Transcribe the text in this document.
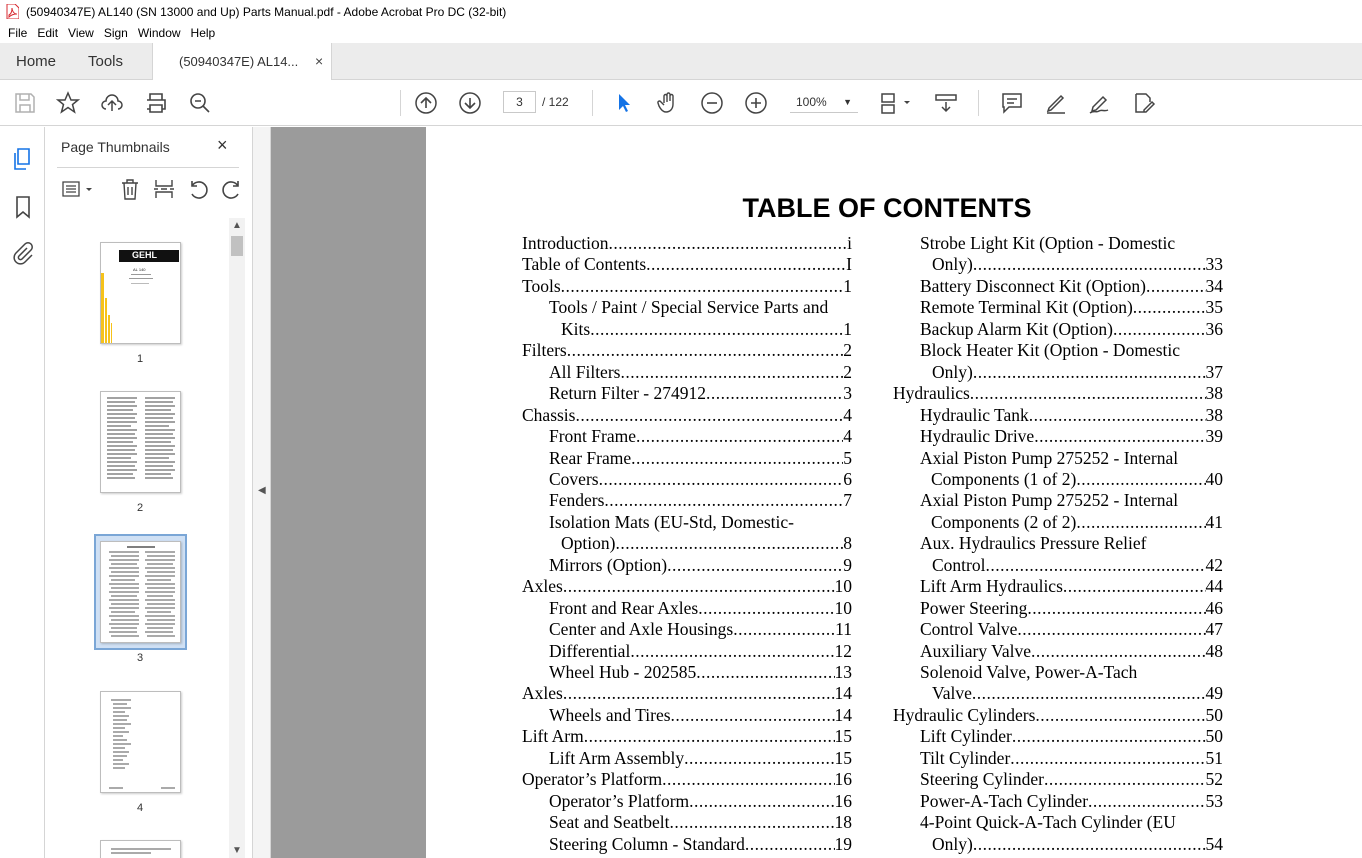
(50940347E) AL140 (SN 13000 and Up) Parts Manual.pdf - Adobe Acrobat Pro DC (32-bit)
File Edit View Sign Window Help
Home Tools	(50940347E) AL14... ×
3	/ 122	100% ▼
Page Thumbnails	×
GEHL
AL 140
1
2
3
4
▲
▼
◀
TABLE OF CONTENTS
Introduction .....	i
Table of Contents .....	I
Tools .....	1
Tools / Paint / Special Service Parts and
Kits .....	1
Filters .....	2
All Filters .....	2
Return Filter - 274912 .....	3
Chassis .....	4
Front Frame .....	4
Rear Frame .....	5
Covers .....	6
Fenders .....	7
Isolation Mats (EU-Std, Domestic-
Option) .....	8
Mirrors (Option) .....	9
Axles .....	10
Front and Rear Axles .....	10
Center and Axle Housings .....	11
Differential .....	12
Wheel Hub - 202585 .....	13
Axles .....	14
Wheels and Tires .....	14
Lift Arm .....	15
Lift Arm Assembly .....	15
Operator’s Platform .....	16
Operator’s Platform .....	16
Seat and Seatbelt .....	18
Steering Column - Standard .....	19
Strobe Light Kit (Option - Domestic
Only) .....	33
Battery Disconnect Kit (Option) .....	34
Remote Terminal Kit (Option) .....	35
Backup Alarm Kit (Option) .....	36
Block Heater Kit (Option - Domestic
Only) .....	37
Hydraulics .....	38
Hydraulic Tank .....	38
Hydraulic Drive .....	39
Axial Piston Pump 275252 - Internal
Components (1 of 2) .....	40
Axial Piston Pump 275252 - Internal
Components (2 of 2) .....	41
Aux. Hydraulics Pressure Relief
Control .....	42
Lift Arm Hydraulics .....	44
Power Steering .....	46
Control Valve .....	47
Auxiliary Valve .....	48
Solenoid Valve, Power-A-Tach
Valve .....	49
Hydraulic Cylinders .....	50
Lift Cylinder .....	50
Tilt Cylinder .....	51
Steering Cylinder .....	52
Power-A-Tach Cylinder .....	53
4-Point Quick-A-Tach Cylinder (EU
Only) .....	54
